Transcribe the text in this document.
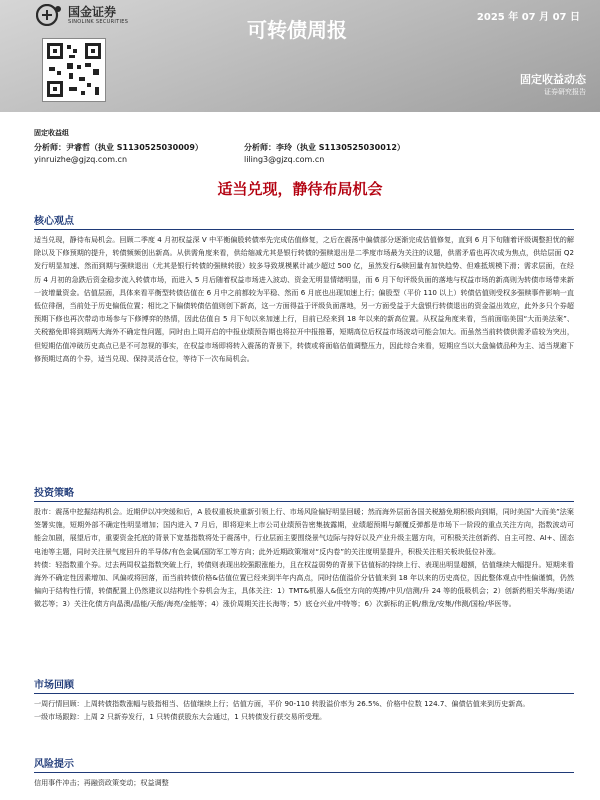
国金证券
SINOLINK SECURITIES	2025 年 07 月 07 日
可转债周报
固定收益动态
证券研究报告
固定收益组
分析师：尹睿哲（执业 S1130525030009）
yinruizhe@gjzq.com.cn
分析师：李玲（执业 S1130525030012）
liling3@gjzq.com.cn
适当兑现，静待布局机会
核心观点

适当兑现，静待布局机会。回顾二季度 4 月初权益深 V 中平衡偏股转债率先完成估值修复，之后在震荡中偏债部分逐渐完成估值修复，直到 6 月下旬随着评级调整担忧的解除以及下修预期的提升，转债频频创出新高。从供需角度来看，供给缩减尤其是银行转债的强赎退出是二季度市场最为关注的议题，供需矛盾也再次成为焦点，供给层面 Q2 发行明显加速、然而到期与强赎退出（尤其是银行转债的强赎转股）较多导致规模累计减少超过 500 亿，虽然发行&赎回量有加快趋势、但难抵规模下滑；需求层面，在经历 4 月初的急跌后资金稳步流入转债市场，而进入 5 月后随着权益市场进入波动、资金无明显情绪明显，而 6 月下旬评级负面的落地与权益市场的新高则为转债市场带来新一波增量资金。估值层面，具体来看平衡型转债估值在 6 月中之前都较为平稳、然而 6 月底也出现加速上行；偏股型（平价 110 以上）转债估值则受权多强赎事件影响一直低位徘徊，当前处于历史偏低位置；相比之下偏债转债估值则创下新高，这一方面得益于评级负面落地，另一方面受益于大盘银行转债退出的资金溢出效应，此外多只个券超预期下修也再次带动市场参与下修博弈的热情，因此估值自 5 月下旬以来加速上行，目前已经来到 18 年以来的新高位置。从权益角度来看，当前面临美国“大而美法案”、关税豁免即将到期两大海外不确定性问题，同时由上周开启的中报业绩预告期也将拉开中报推幕，短期高位后权益市场波动可能会加大。而虽然当前转债供需矛盾较为突出，但短期估值冲破历史高点已是不可忽视的事实，在权益市场即将转入震荡的背景下，转债或将面临估值调整压力，因此综合来看，短期应当以大盘偏债品种为主、适当规避下修预期过高的个券，适当兑现、保持灵活仓位，等待下一次布局机会。

投资策略

股市：震荡中挖掘结构机会。近期伊以冲突缓和后，A 股权重板块重新引领上行、市场风险偏好明显回暖；然而海外层面各国关税豁免期积极向到期，同时美国“大而美”法案签署实施，短期外部不确定性明显增加；国内进入 7 月后，即将迎来上市公司业绩预告密集披露期，业绩超预期与颠覆反弹都是市场下一阶段的重点关注方向，指数波动可能会加剧，展望后市，重要资金托底的背景下宽基指数将处于震荡中，行业层面主要围绕景气边际与持好以及产业升级主题方向，可积极关注创新药、自主可控、AI+、固态电池等主题，同时关注景气度回升的半导体/有色金属/国防军工等方向；此外近期政策端对“反内卷”的关注度明显提升，积极关注相关板块低位补涨。

转债：轻指数重个券。过去两周权益指数突破上行，转债则表现出较强跟涨能力，且在权益弱势的背景下估值标的持续上行、表现出明显超额，估值继续大幅提升。短期来看海外不确定性因素增加、风偏或将回落，而当前转债价格&估值位置已经来到半年内高点，同时估值溢价分估值来到 18 年以来的历史高位，因此整体观点中性偏谨慎，仍然偏向于结构性行情，转债配置上仍然建议以结构性个券机会为主，具体关注：1）TMT&机器人&低空方向的英搏/中贝/信测/升 24 等的低吸机会；2）创新药相关华海/美诺/微芯等；3）关注化债方向晶澳/晶能/天能/海亮/金能等；4）涨价周期关注长海等；5）底仓兴业/中特等；6）次新标的正帆/鼎龙/安集/伟测/国检/华医等。

市场回顾

一周行情回顾：上周转债指数涨幅与股指相当、估值继续上行；估值方面，平价 90-110 转股溢价率为 26.5%、价格中位数 124.7、偏债估值来到历史新高。

一级市场跟踪：上周 2 只新券发行，1 只转债获股东大会通过，1 只转债发行获交易所受理。

风险提示

信用事件冲击；再融资政策变动；权益调整
